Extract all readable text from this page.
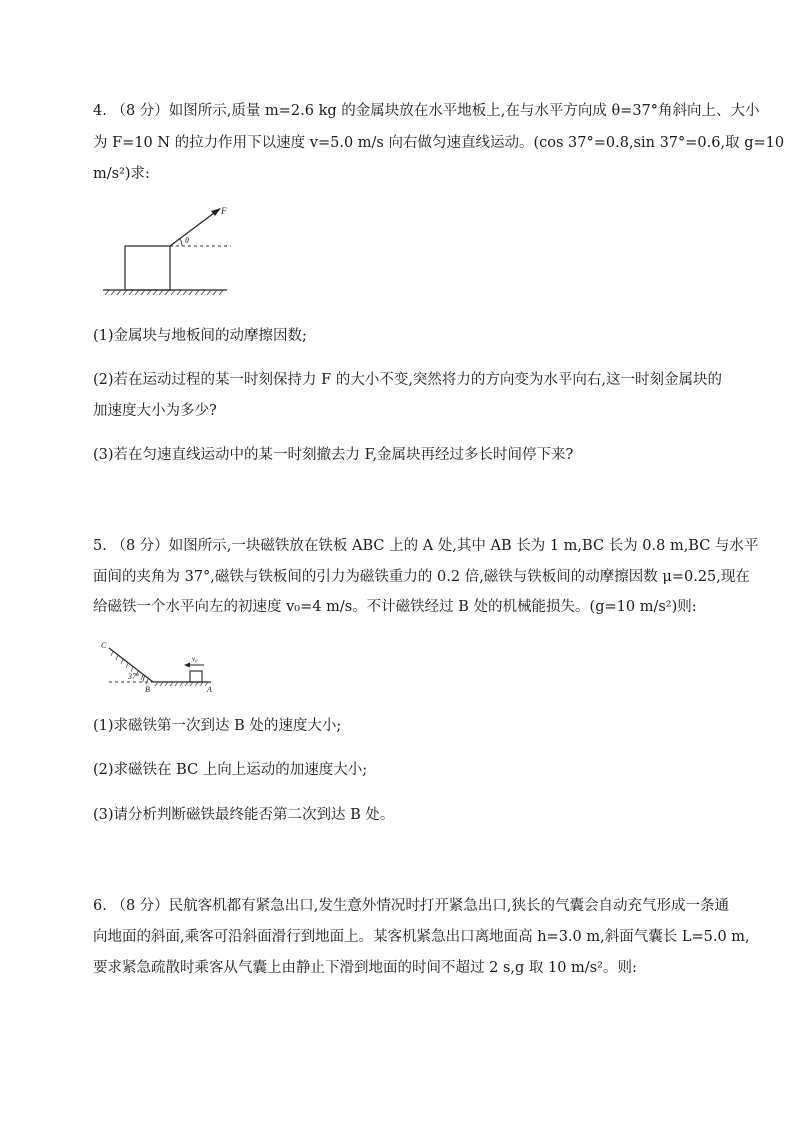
4. （8 分）如图所示,质量 m=2.6 kg 的金属块放在水平地板上,在与水平方向成 θ=37°角斜向上、大小

为 F=10 N 的拉力作用下以速度 v=5.0 m/s 向右做匀速直线运动。(cos 37°=0.8,sin 37°=0.6,取 g=10

m/s²)求:

F
θ

(1)金属块与地板间的动摩擦因数;

(2)若在运动过程的某一时刻保持力 F 的大小不变,突然将力的方向变为水平向右,这一时刻金属块的

加速度大小为多少?

(3)若在匀速直线运动中的某一时刻撤去力 F,金属块再经过多长时间停下来?

5. （8 分）如图所示,一块磁铁放在铁板 ABC 上的 A 处,其中 AB 长为 1 m,BC 长为 0.8 m,BC 与水平

面间的夹角为 37°,磁铁与铁板间的引力为磁铁重力的 0.2 倍,磁铁与铁板间的动摩擦因数 μ=0.25,现在

给磁铁一个水平向左的初速度 v₀=4 m/s。不计磁铁经过 B 处的机械能损失。(g=10 m/s²)则:

C
B	A
37°
v₀

(1)求磁铁第一次到达 B 处的速度大小;

(2)求磁铁在 BC 上向上运动的加速度大小;

(3)请分析判断磁铁最终能否第二次到达 B 处。

6. （8 分）民航客机都有紧急出口,发生意外情况时打开紧急出口,狭长的气囊会自动充气形成一条通

向地面的斜面,乘客可沿斜面滑行到地面上。某客机紧急出口离地面高 h=3.0 m,斜面气囊长 L=5.0 m,

要求紧急疏散时乘客从气囊上由静止下滑到地面的时间不超过 2 s,g 取 10 m/s²。则:
